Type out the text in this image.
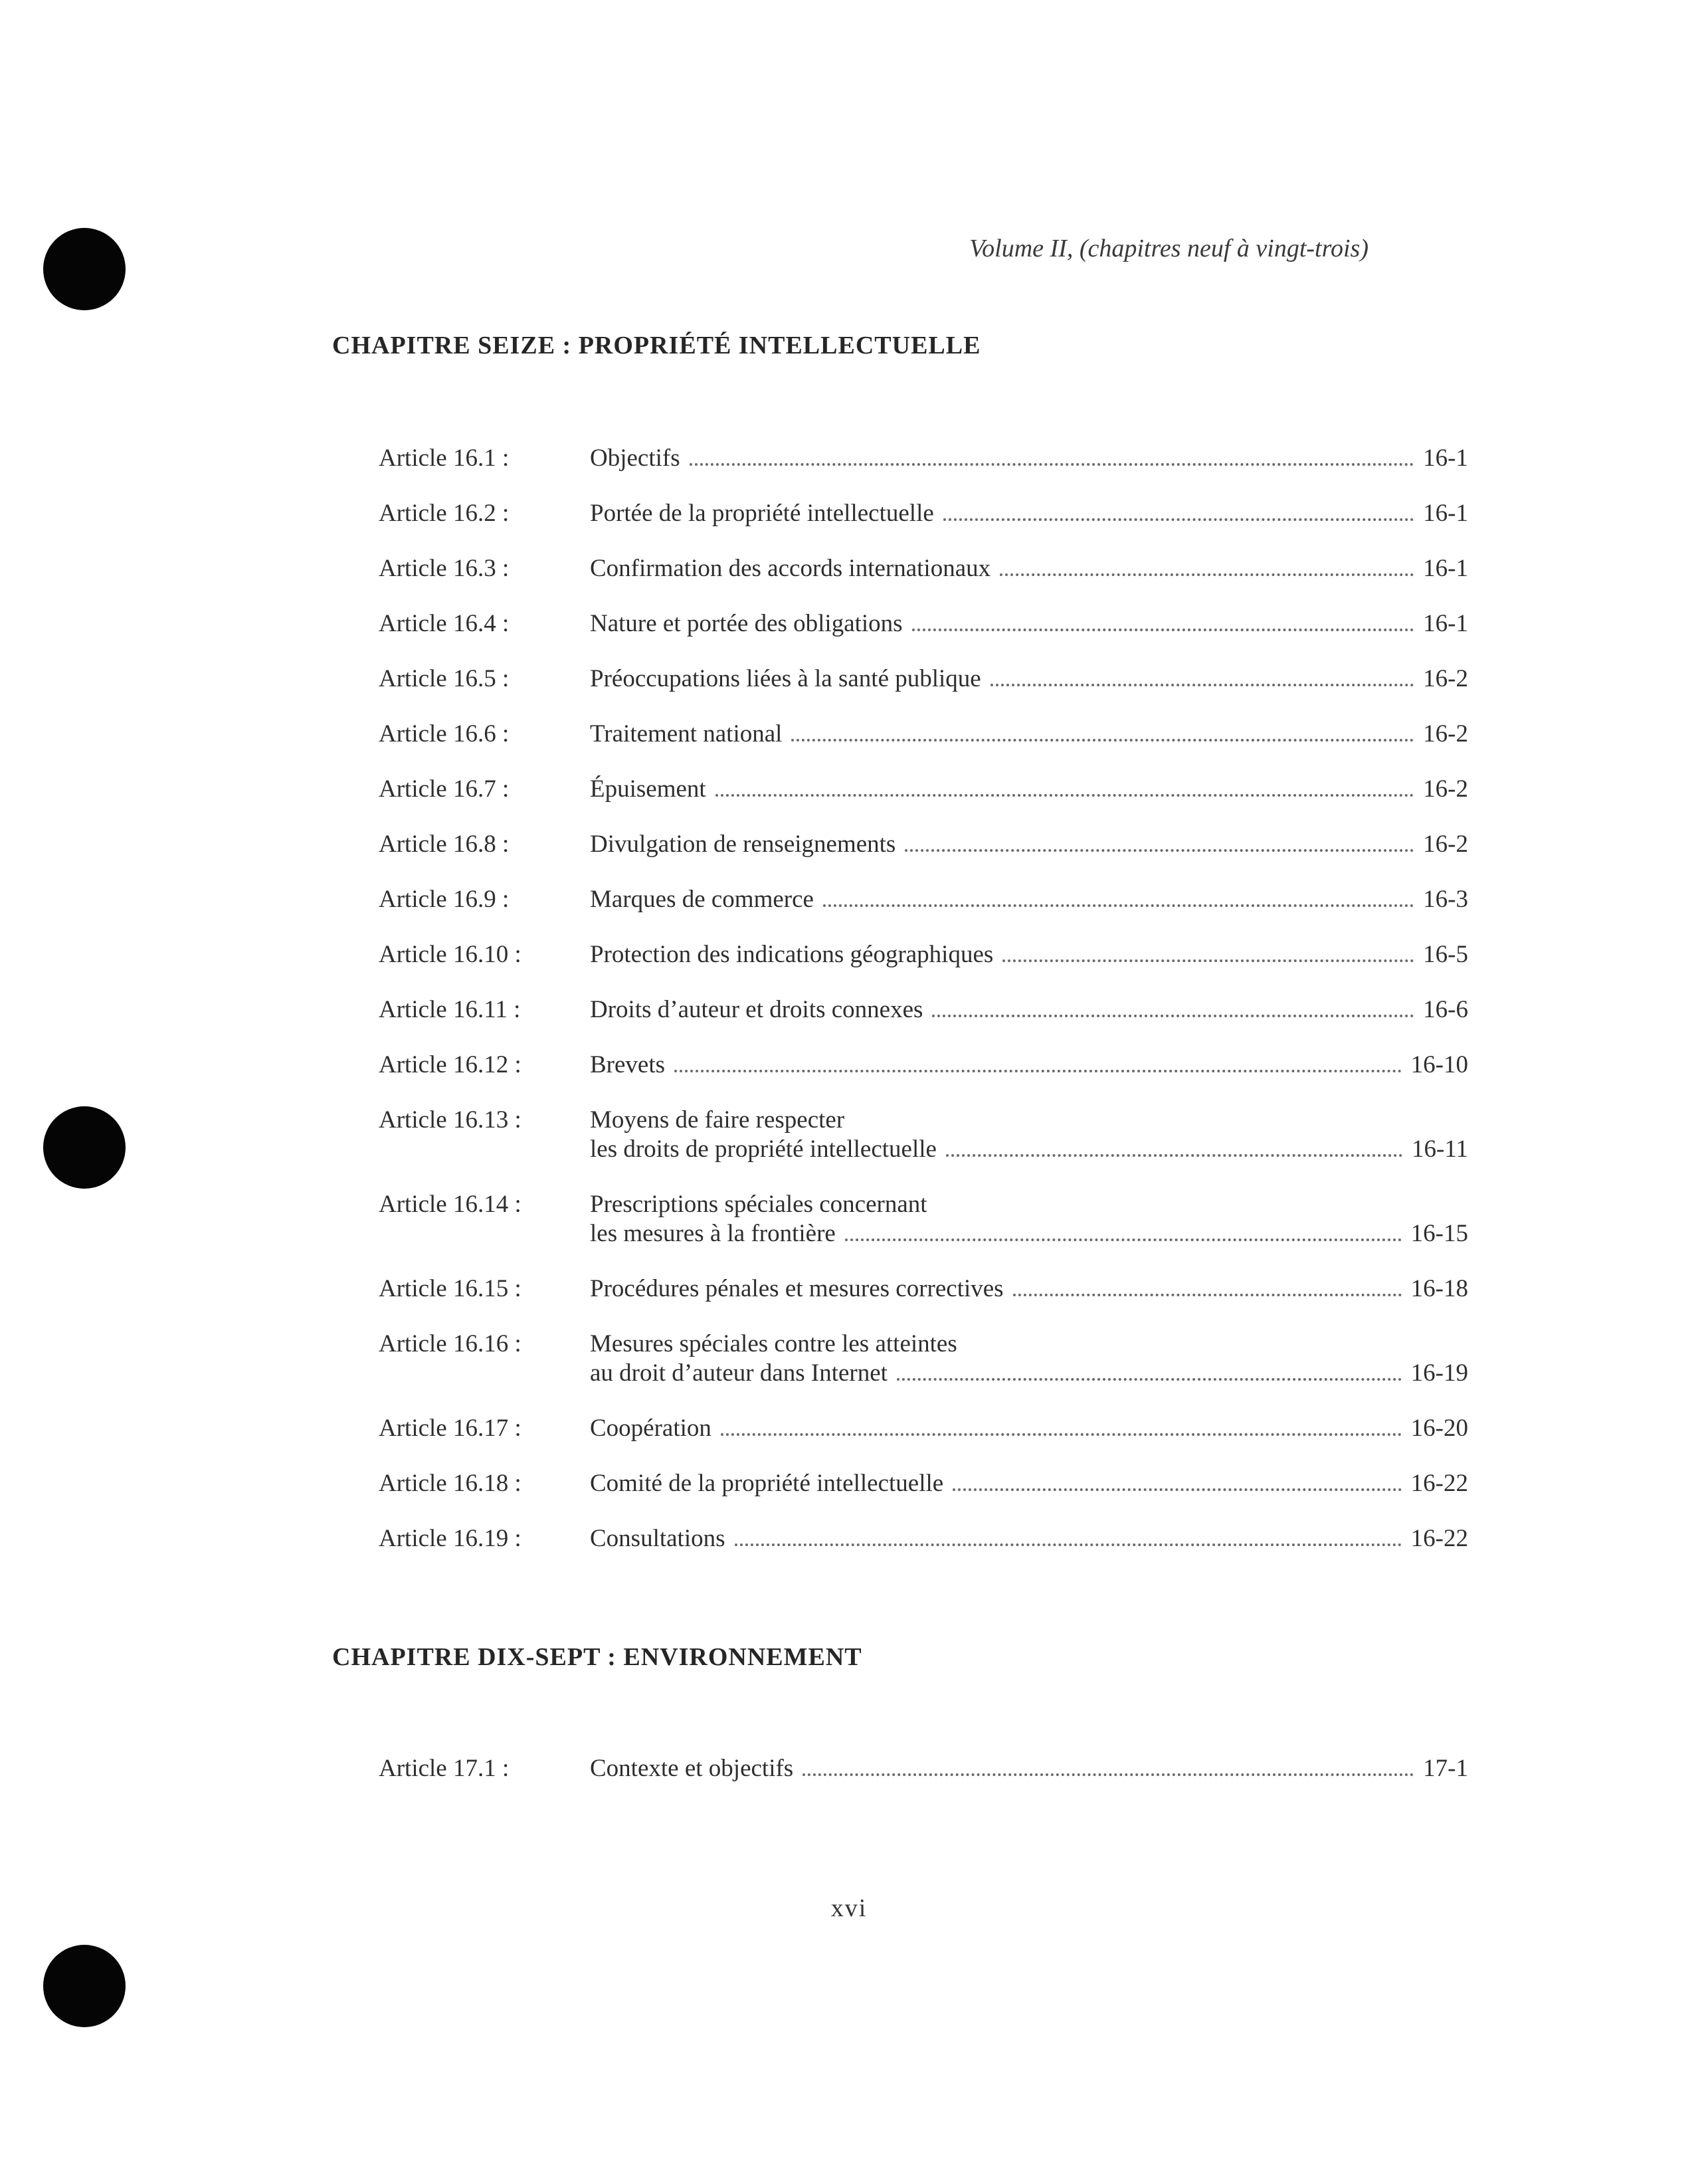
Volume II, (chapitres neuf à vingt-trois)
CHAPITRE SEIZE : PROPRIÉTÉ INTELLECTUELLE
Article 16.1 :	Objectifs	16-1
Article 16.2 :	Portée de la propriété intellectuelle	16-1
Article 16.3 :	Confirmation des accords internationaux	16-1
Article 16.4 :	Nature et portée des obligations	16-1
Article 16.5 :	Préoccupations liées à la santé publique	16-2
Article 16.6 :	Traitement national	16-2
Article 16.7 :	Épuisement	16-2
Article 16.8 :	Divulgation de renseignements	16-2
Article 16.9 :	Marques de commerce	16-3
Article 16.10 :	Protection des indications géographiques	16-5
Article 16.11 :	Droits d’auteur et droits connexes	16-6
Article 16.12 :	Brevets	16-10
Article 16.13 :	Moyens de faire respecter
les droits de propriété intellectuelle	16-11
Article 16.14 :	Prescriptions spéciales concernant
les mesures à la frontière	16-15
Article 16.15 :	Procédures pénales et mesures correctives	16-18
Article 16.16 :	Mesures spéciales contre les atteintes
au droit d’auteur dans Internet	16-19
Article 16.17 :	Coopération	16-20
Article 16.18 :	Comité de la propriété intellectuelle	16-22
Article 16.19 :	Consultations	16-22
CHAPITRE DIX-SEPT : ENVIRONNEMENT
Article 17.1 :	Contexte et objectifs	17-1
xvi
